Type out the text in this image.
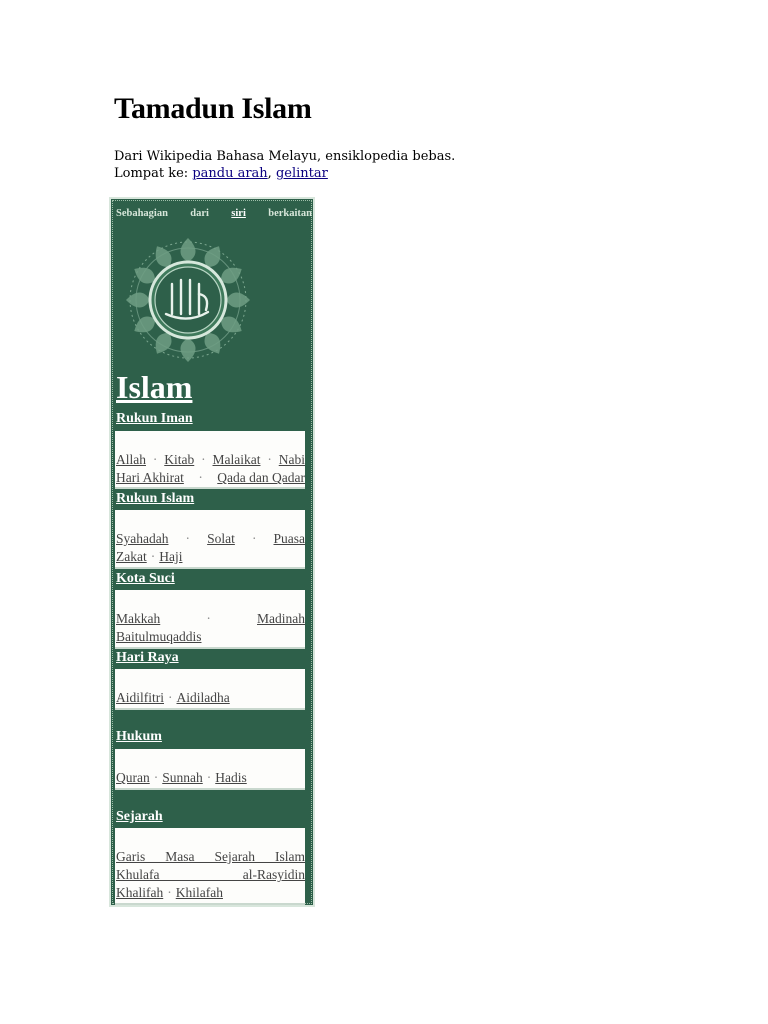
Tamadun Islam
Dari Wikipedia Bahasa Melayu, ensiklopedia bebas.
Lompat ke: pandu arah, gelintar
Sebahagian dari siri berkaitan
Islam
Rukun Iman
Allah · Kitab · Malaikat · Nabi
Hari Akhirat · Qada dan Qadar
Rukun Islam
Syahadah · Solat · Puasa
Zakat · Haji
Kota Suci
Makkah	·	Madinah
Baitulmuqaddis
Hari Raya
Aidilfitri · Aidiladha
Hukum
Quran · Sunnah · Hadis
Sejarah
Garis Masa Sejarah Islam
Khulafa al-Rasyidin
Khalifah · Khilafah
